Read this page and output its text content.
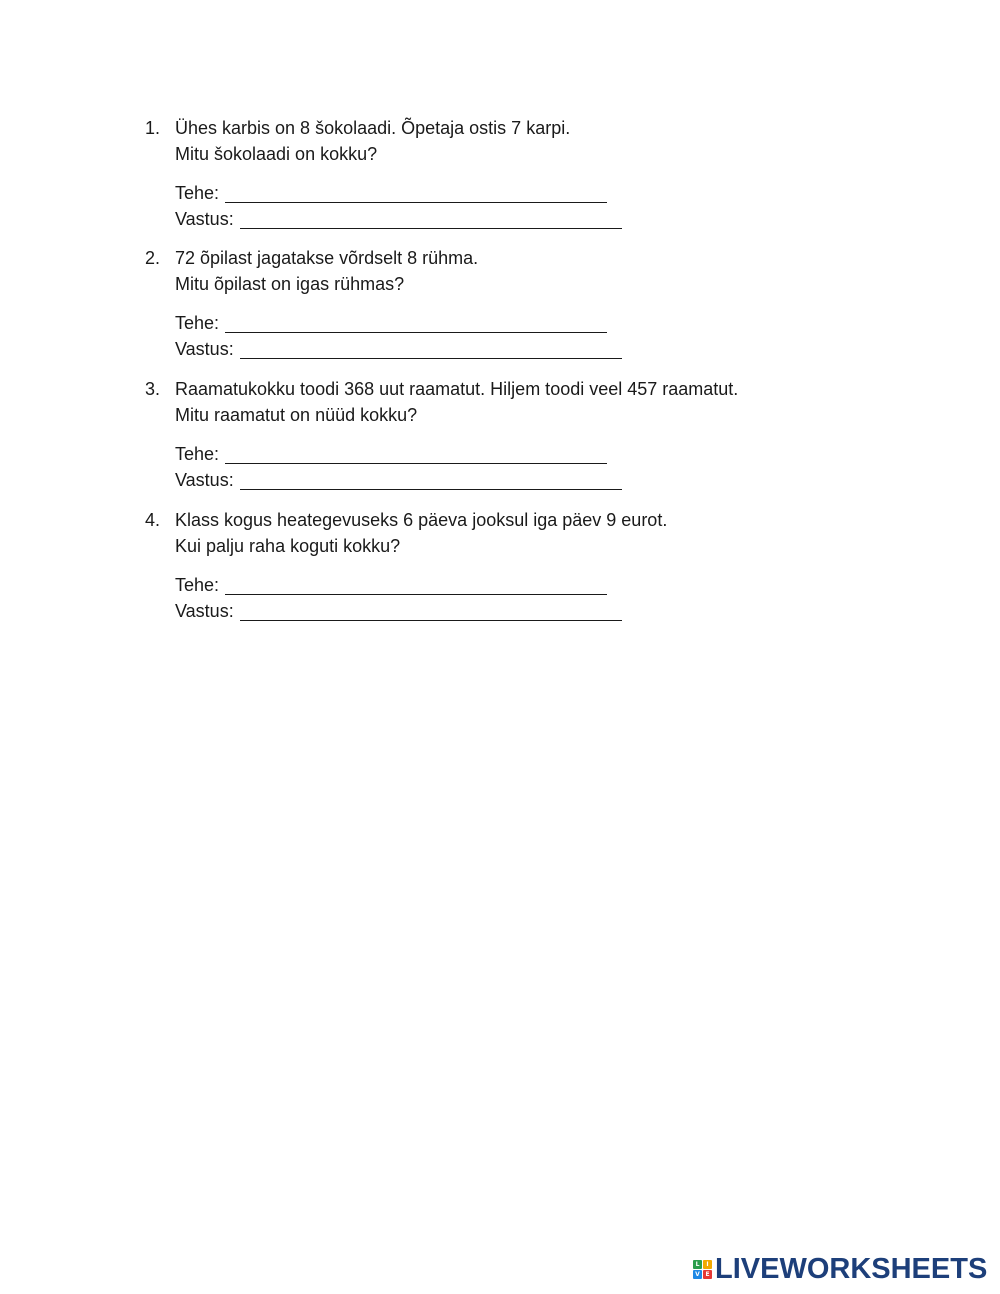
1. Ühes karbis on 8 šokolaadi. Õpetaja ostis 7 karpi.
Mitu šokolaadi on kokku?
Tehe:
Vastus:
2. 72 õpilast jagatakse võrdselt 8 rühma.
Mitu õpilast on igas rühmas?
Tehe:
Vastus:
3. Raamatukokku toodi 368 uut raamatut. Hiljem toodi veel 457 raamatut.
Mitu raamatut on nüüd kokku?
Tehe:
Vastus:
4. Klass kogus heategevuseks 6 päeva jooksul iga päev 9 eurot.
Kui palju raha koguti kokku?
Tehe:
Vastus:
L	I
V E LIVEWORKSHEETS
